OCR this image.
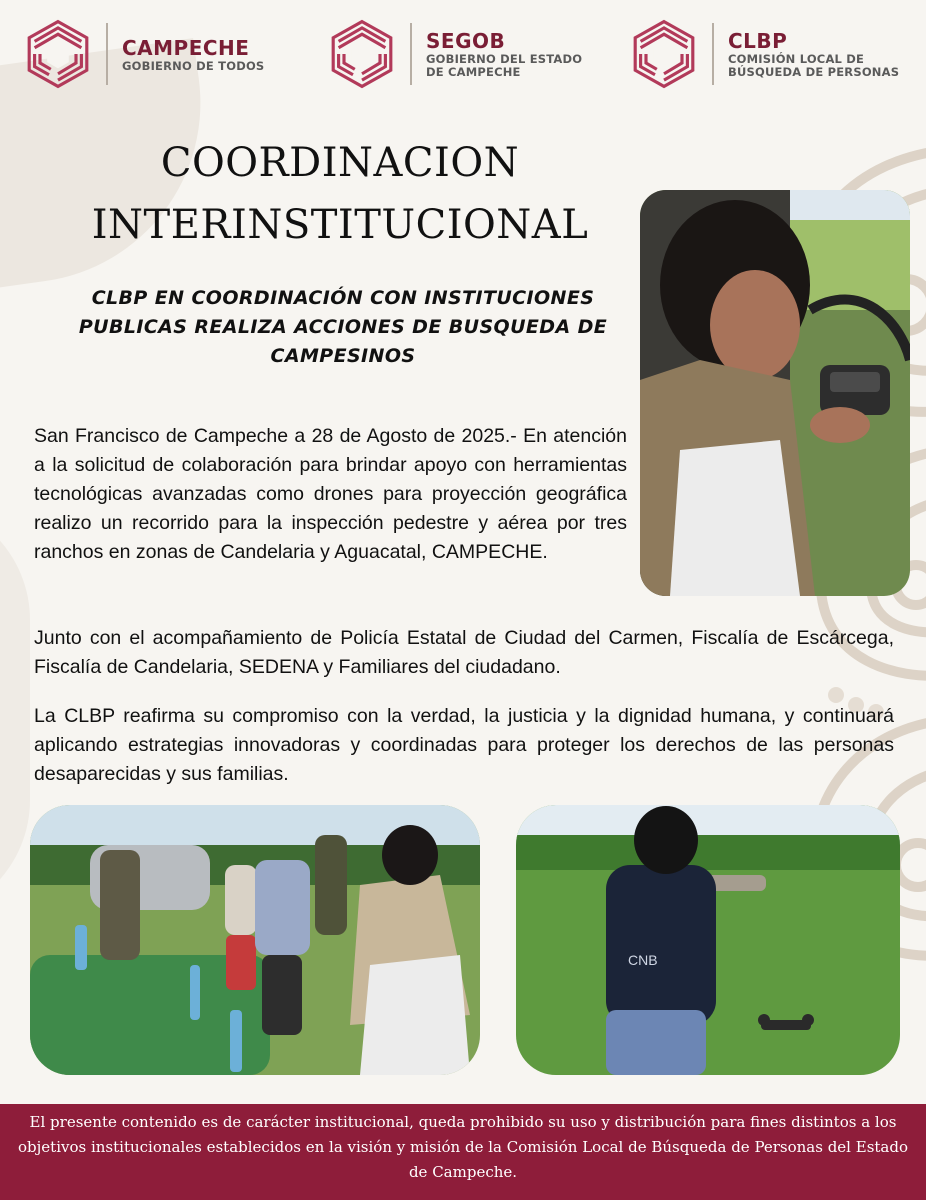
CAMPECHE
GOBIERNO DE TODOS
SEGOB
GOBIERNO DEL ESTADO
DE CAMPECHE
CLBP
COMISIÓN LOCAL DE
BÚSQUEDA DE PERSONAS
COORDINACION
INTERINSTITUCIONAL
CLBP EN COORDINACIÓN CON INSTITUCIONES
PUBLICAS REALIZA ACCIONES DE BUSQUEDA DE
CAMPESINOS

San Francisco de Campeche a 28 de Agosto de 2025.- En atención a la solicitud de colaboración para brindar apoyo con herramientas tecnológicas avanzadas como drones para proyección geográfica realizo un recorrido para la inspección pedestre y aérea por tres ranchos en zonas de Candelaria y Aguacatal, CAMPECHE.

Junto con el acompañamiento de Policía Estatal de Ciudad del Carmen, Fiscalía de Escárcega, Fiscalía de Candelaria, SEDENA y Familiares del ciudadano.

La CLBP reafirma su compromiso con la verdad, la justicia y la dignidad humana, y continuará aplicando estrategias innovadoras y coordinadas para proteger los derechos de las personas desaparecidas y sus familias.

CNB

El presente contenido es de carácter institucional, queda prohibido su uso y distribución para fines distintos a los objetivos institucionales establecidos en la visión y misión de la Comisión Local de Búsqueda de Personas del Estado de Campeche.
